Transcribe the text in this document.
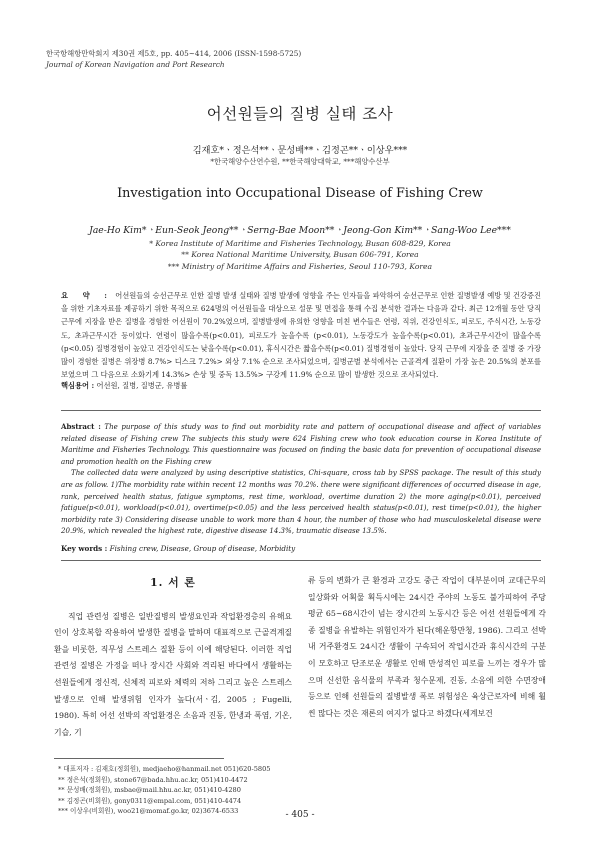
한국항해항만학회지 제30권 제5호, pp. 405~414, 2006 (ISSN-1598-5725)
Journal of Korean Navigation and Port Research
어선원들의 질병 실태 조사
김재호*ㆍ정은석**ㆍ문성배**ㆍ김정곤**ㆍ이상우***
*한국해양수산연수원, **한국해양대학교, ***해양수산부
Investigation into Occupational Disease of Fishing Crew
Jae-Ho Kim*ㆍEun-Seok Jeong**ㆍSerng-Bae Moon**ㆍJeong-Gon Kim**ㆍSang-Woo Lee***
* Korea Institute of Maritime and Fisheries Technology, Busan 608-829, Korea
** Korea National Maritime University, Busan 606-791, Korea
*** Ministry of Maritime Affairs and Fisheries, Seoul 110-793, Korea
요 약 : 어선원들의 승선근무로 인한 질병 발생 실태와 질병 발생에 영향을 주는 인자들을 파악하여 승선근무로 인한 질병발생 예방 및 건강증진을 위한 기초자료를 제공하기 위한 목적으로 624명의 어선원들을 대상으로 설문 및 면접을 통해 수집 분석한 결과는 다음과 같다. 최근 12개월 동안 당직근무에 지장을 받은 질병을 경험한 어선원이 70.2%였으며, 질병발생에 유의한 영향을 미친 변수들은 연령, 직위, 건강인식도, 피로도, 주식시간, 노동강도, 초과근무시간 등이었다. 연령이 많을수록(p<0.01), 피로도가 높을수록 (p<0.01), 노동강도가 높을수록(p<0.01), 초과근무시간이 많을수록(p<0.05) 질병경험이 높았고 건강인식도는 낮을수록(p<0.01), 휴식시간은 짧을수록(p<0.01) 질병경험이 높았다. 당직 근무에 지장을 준 질병 중 가장 많이 경험한 질병은 위장병 8.7%> 디스크 7.2%> 외상 7.1% 순으로 조사되었으며, 질병군별 분석에서는 근골격계 질환이 가장 높은 20.5%의 분포를 보였으며 그 다음으로 소화기계 14.3%> 손상 및 중독 13.5%> 구강계 11.9% 순으로 많이 발생한 것으로 조사되었다.
핵심용어 : 어선원, 질병, 질병군, 유병률
Abstract : The purpose of this study was to find out morbidity rate and pattern of occupational disease and affect of variables related disease of Fishing crew The subjects this study were 624 Fishing crew who took education course in Korea Institute of Maritime and Fisheries Technology. This questionnaire was focused on finding the basic data for prevention of occupational disease and promotion health on the Fishing crew
The collected data were analyzed by using descriptive statistics, Chi-square, cross tab by SPSS package. The result of this study are as follow. 1)The morbidity rate within recent 12 months was 70.2%. there were significant differences of occurred disease in age, rank, perceived health status, fatigue symptoms, rest time, workload, overtime duration 2) the more aging(p<0.01), perceived fatigue(p<0.01), workload(p<0.01), overtime(p<0.05) and the less perceived health status(p<0.01), rest time(p<0.01), the higher morbidity rate 3) Considering disease unable to work more than 4 hour, the number of those who had musculoskeletal disease were 20.9%, which revealed the highest rate, digestive disease 14.3%, traumatic disease 13.5%.
Key words : Fishing crew, Disease, Group of disease, Morbidity
1. 서 론

직업 관련성 질병은 일반질병의 발생요인과 작업환경층의 유해요인이 상호복합 작용하여 발생한 질병을 말하며 대표적으로 근골격계질환을 비롯한, 직무성 스트레스 질환 등이 이에 해당된다. 이러한 직업 관련성 질병은 가정을 떠나 장시간 사회와 격리된 바다에서 생활하는 선원들에게 정신적, 신체적 피로와 체력의 저하 그리고 높은 스트레스 발생으로 인해 발생위험 인자가 높다(서ㆍ김, 2005 ; Fugelli, 1980). 특히 어선 선박의 작업환경은 소음과 진동, 한냉과 폭염, 기온, 기습, 기

류 등의 변화가 큰 환경과 고강도 중근 작업이 대부분이며 교대근무의 일상화와 어획물 획득시에는 24시간 주야의 노동도 불가피하여 주당평균 65~68시간이 넘는 장시간의 노동시간 등은 어선 선원들에게 각종 질병을 유발하는 위험인자가 된다(해운항만청, 1986). 그리고 선박 내 거주환경도 24시간 생활이 구속되어 작업시간과 휴식시간의 구분이 모호하고 단조로운 생활로 인해 만성적인 피로를 느끼는 경우가 많으며 신선한 음식물의 부족과 청수문제, 진동, 소음에 의한 수면장애 등으로 인해 선원들의 질병발생 폭로 위험성은 육상근로자에 비해 훨씬 많다는 것은 재론의 여지가 없다고 하겠다(세계보건

* 대표저자 : 김재호(정회원), medjaeho@hanmail.net 051)620-5805
** 정은석(정회원), stone67@bada.hhu.ac.kr, 051)410-4472
** 문성배(정회원), msbae@mail.hhu.ac.kr, 051)410-4280
** 김정곤(비회원), gony0311@empal.com, 051)410-4474
*** 이상우(비회원), woo21@momaf.go.kr, 02)3674-6533	- 405 -
